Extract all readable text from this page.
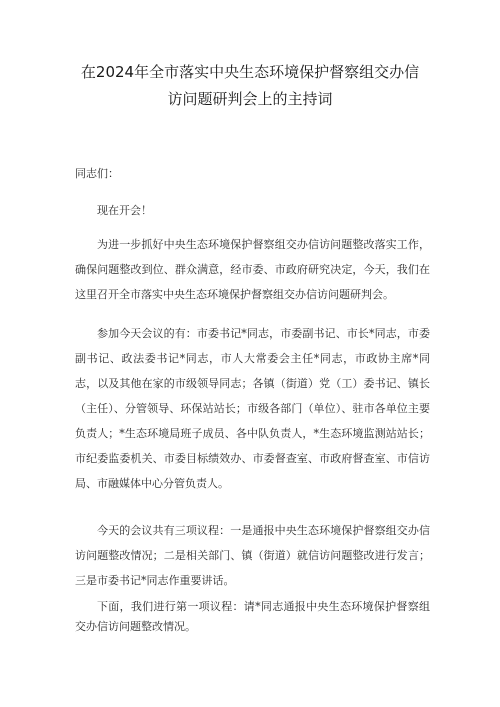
在2024年全市落实中央生态环境保护督察组交办信
访问题研判会上的主持词
同志们：
现在开会！
为进一步抓好中央生态环境保护督察组交办信访问题整改落实工作，确保问题整改到位、群众满意，经市委、市政府研究决定，今天，我们在这里召开全市落实中央生态环境保护督察组交办信访问题研判会。
参加今天会议的有：市委书记*同志，市委副书记、市长*同志，市委副书记、政法委书记*同志，市人大常委会主任*同志，市政协主席*同志，以及其他在家的市级领导同志；各镇（街道）党（工）委书记、镇长（主任）、分管领导、环保站站长；市级各部门（单位）、驻市各单位主要负责人；*生态环境局班子成员、各中队负责人，*生态环境监测站站长；市纪委监委机关、市委目标绩效办、市委督查室、市政府督查室、市信访局、市融媒体中心分管负责人。
今天的会议共有三项议程：一是通报中央生态环境保护督察组交办信访问题整改情况；二是相关部门、镇（街道）就信访问题整改进行发言；三是市委书记*同志作重要讲话。
下面，我们进行第一项议程：请*同志通报中央生态环境保护督察组交办信访问题整改情况。
